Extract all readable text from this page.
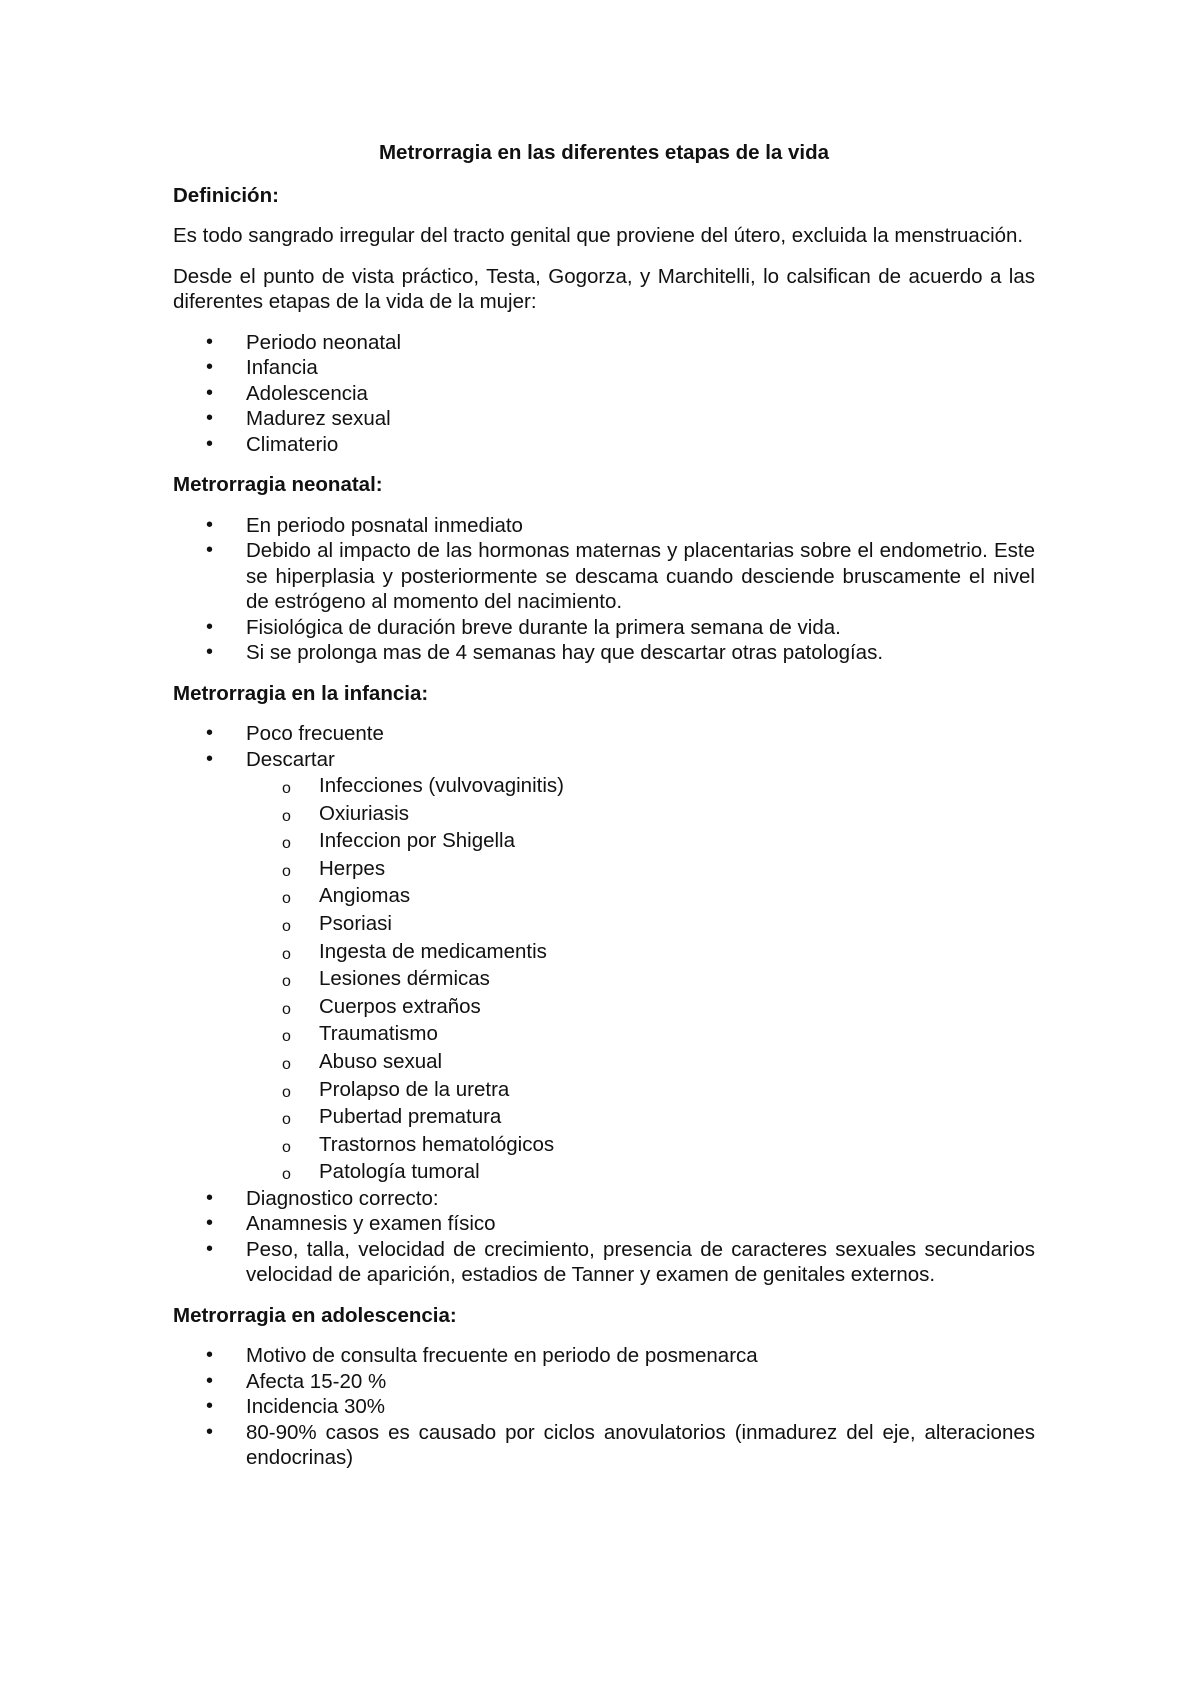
Metrorragia en las diferentes etapas de la vida
Definición:

Es todo sangrado irregular del tracto genital que proviene del útero, excluida la menstruación.

Desde el punto de vista práctico, Testa, Gogorza, y Marchitelli, lo calsifican de acuerdo a las diferentes etapas de la vida de la mujer:

• Periodo neonatal
• Infancia
• Adolescencia
• Madurez sexual
• Climaterio
Metrorragia neonatal:
• En periodo posnatal inmediato
• Debido al impacto de las hormonas maternas y placentarias sobre el endometrio. Este se hiperplasia y posteriormente se descama cuando desciende bruscamente el nivel de estrógeno al momento del nacimiento.
• Fisiológica de duración breve durante la primera semana de vida.
• Si se prolonga mas de 4 semanas hay que descartar otras patologías.
Metrorragia en la infancia:
• Poco frecuente
• Descartar
o Infecciones (vulvovaginitis)
o Oxiuriasis
o Infeccion por Shigella
o Herpes
o Angiomas
o Psoriasi
o Ingesta de medicamentis
o Lesiones dérmicas
o Cuerpos extraños
o Traumatismo
o Abuso sexual
o Prolapso de la uretra
o Pubertad prematura
o Trastornos hematológicos
o Patología tumoral
• Diagnostico correcto:
• Anamnesis y examen físico
• Peso, talla, velocidad de crecimiento, presencia de caracteres sexuales secundarios velocidad de aparición, estadios de Tanner y examen de genitales externos.
Metrorragia en adolescencia:
• Motivo de consulta frecuente en periodo de posmenarca
• Afecta 15-20 %
• Incidencia 30%
• 80-90% casos es causado por ciclos anovulatorios (inmadurez del eje, alteraciones endocrinas)
